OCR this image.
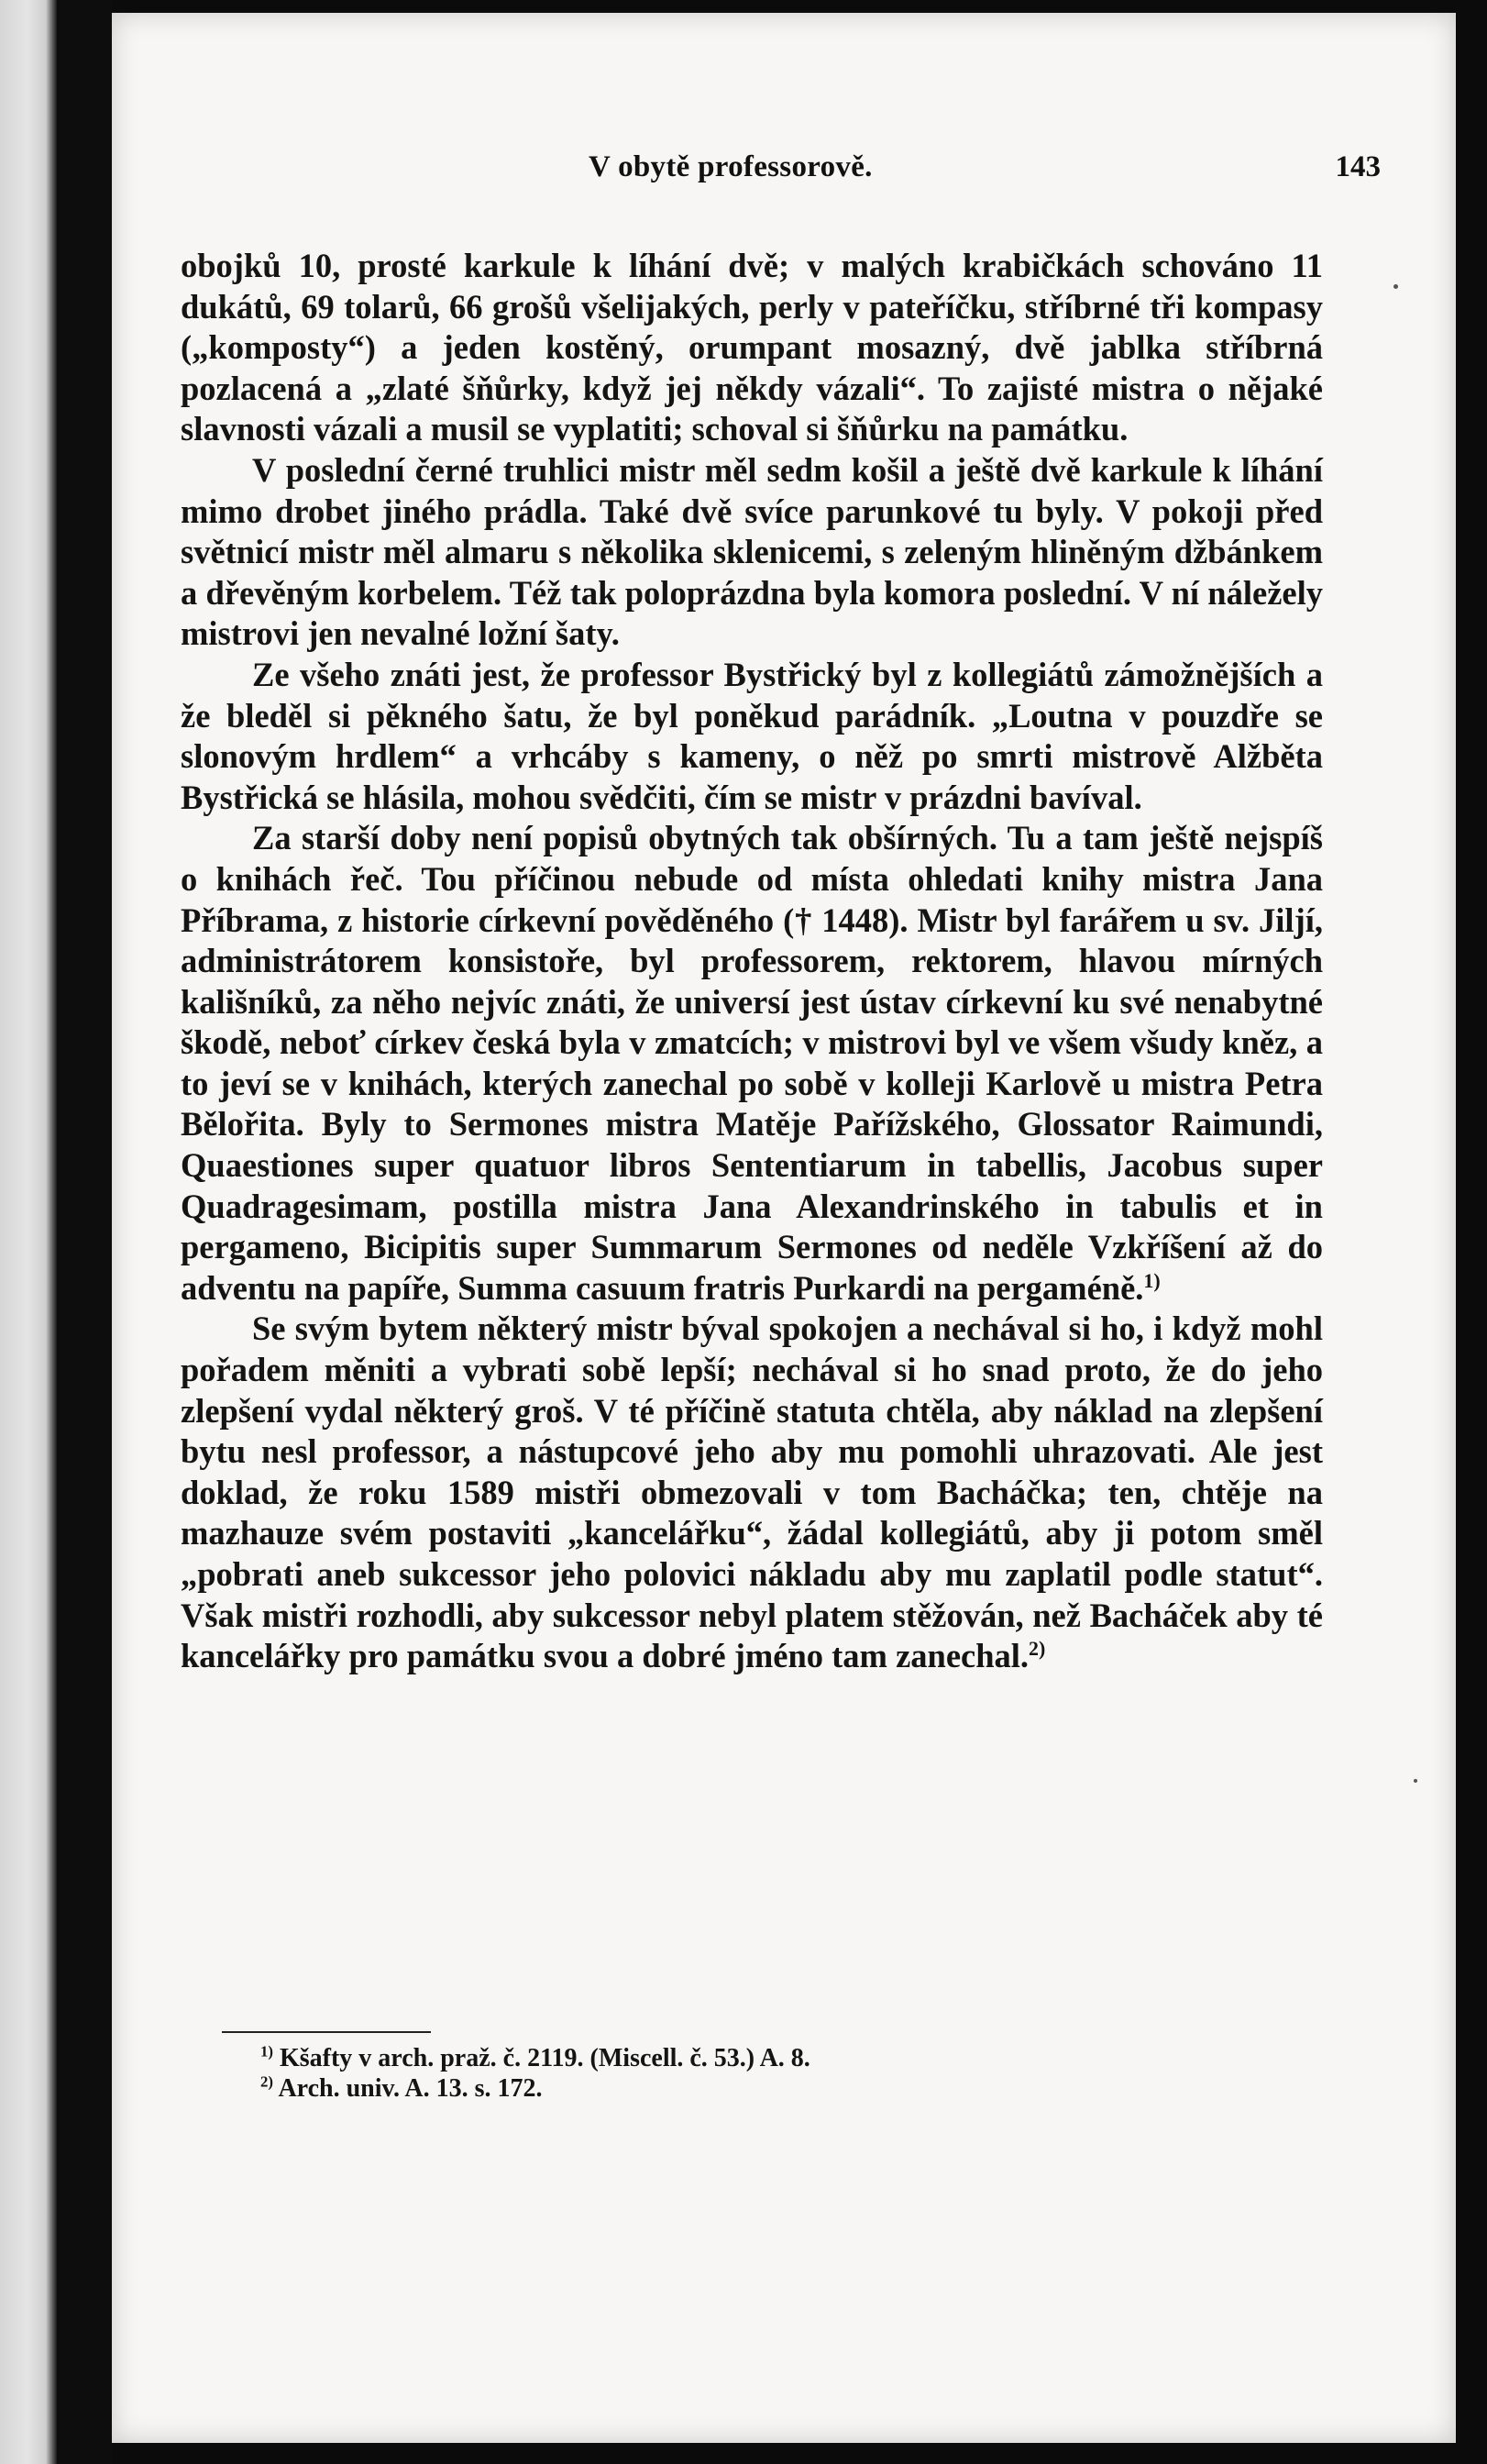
V obytě professorově.	143

obojků 10, prosté karkule k líhání dvě; v malých krabičkách schováno 11 dukátů, 69 tolarů, 66 grošů všelijakých, perly v pateříčku, stříbrné tři kompasy („komposty“) a jeden kostěný, orumpant mosazný, dvě jablka stříbrná pozlacená a „zlaté šňůrky, když jej někdy vázali“. To zajisté mistra o nějaké slavnosti vázali a musil se vyplatiti; schoval si šňůrku na památku.

V poslední černé truhlici mistr měl sedm košil a ještě dvě karkule k líhání mimo drobet jiného prádla. Také dvě svíce parunkové tu byly. V pokoji před světnicí mistr měl almaru s několika sklenicemi, s zeleným hliněným džbánkem a dřevěným korbelem. Též tak poloprázdna byla komora poslední. V ní náležely mistrovi jen nevalné ložní šaty.

Ze všeho znáti jest, že professor Bystřický byl z kollegiátů zámožnějších a že bleděl si pěkného šatu, že byl poněkud parádník. „Loutna v pouzdře se slonovým hrdlem“ a vrhcáby s kameny, o něž po smrti mistrově Alžběta Bystřická se hlásila, mohou svědčiti, čím se mistr v prázdni bavíval.

Za starší doby není popisů obytných tak obšírných. Tu a tam ještě nejspíš o knihách řeč. Tou příčinou nebude od místa ohledati knihy mistra Jana Příbrama, z historie církevní pověděného († 1448). Mistr byl farářem u sv. Jiljí, administrátorem konsistoře, byl professorem, rektorem, hlavou mírných kališníků, za něho nejvíc znáti, že universí jest ústav církevní ku své nenabytné škodě, neboť církev česká byla v zmatcích; v mistrovi byl ve všem všudy kněz, a to jeví se v knihách, kterých zanechal po sobě v kolleji Karlově u mistra Petra Bělořita. Byly to Sermones mistra Matěje Pařížského, Glossator Raimundi, Quaestiones super quatuor libros Sententiarum in tabellis, Jacobus super Quadragesimam, postilla mistra Jana Alexandrinského in tabulis et in pergameno, Bicipitis super Summarum Sermones od neděle Vzkříšení až do adventu na papíře, Summa casuum fratris Purkardi na pergaméně.$^{1)}$

Se svým bytem některý mistr býval spokojen a nechával si ho, i když mohl pořadem měniti a vybrati sobě lepší; nechával si ho snad proto, že do jeho zlepšení vydal některý groš. V té příčině statuta chtěla, aby náklad na zlepšení bytu nesl professor, a nástupcové jeho aby mu pomohli uhrazovati. Ale jest doklad, že roku 1589 mistři obmezovali v tom Bacháčka; ten, chtěje na mazhauze svém postaviti „kancelářku“, žádal kollegiátů, aby ji potom směl „pobrati aneb sukcessor jeho polovici nákladu aby mu zaplatil podle statut“. Však mistři rozhodli, aby sukcessor nebyl platem stěžován, než Bacháček aby té kancelářky pro památku svou a dobré jméno tam zanechal.$^{2)}$

$^{1)}$ Kšafty v arch. praž. č. 2119. (Miscell. č. 53.) A. 8.
$^{2)}$ Arch. univ. A. 13. s. 172.
